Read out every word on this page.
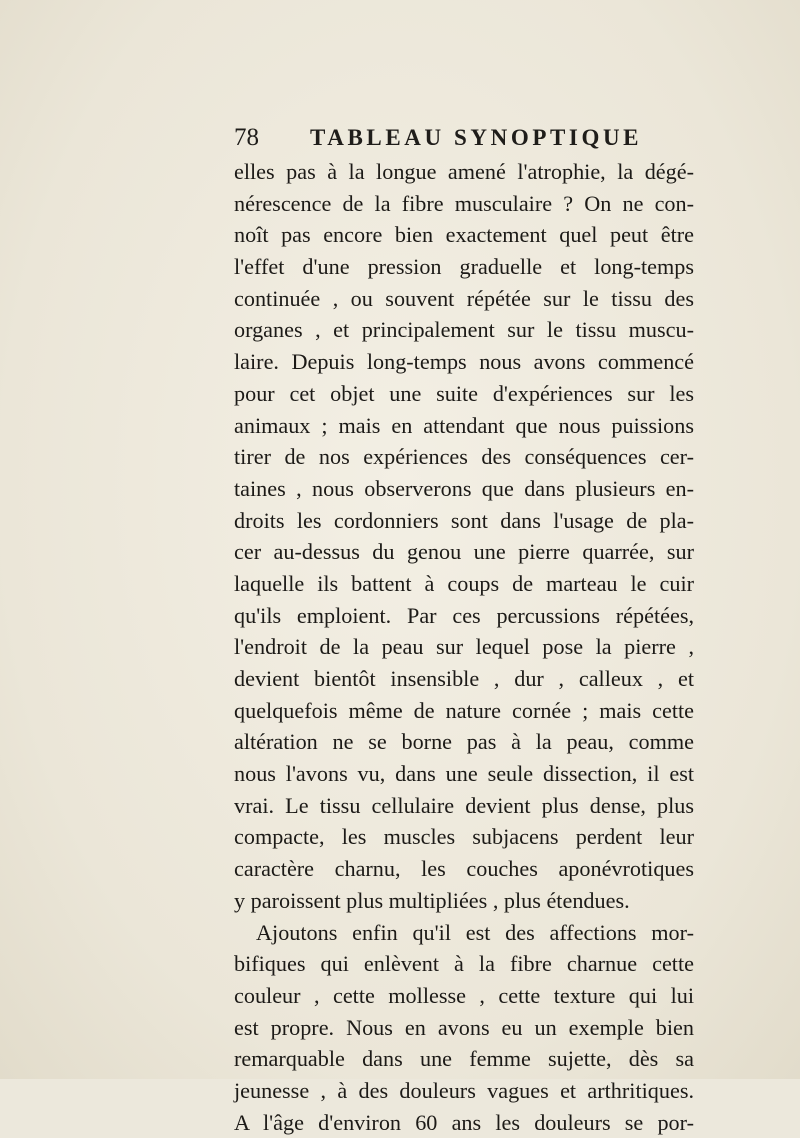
78 TABLEAU SYNOPTIQUE
elles pas à la longue amené l'atrophie, la dégé-
nérescence de la fibre musculaire ? On ne con-
noît pas encore bien exactement quel peut être
l'effet d'une pression graduelle et long-temps
continuée , ou souvent répétée sur le tissu des
organes , et principalement sur le tissu muscu-
laire. Depuis long-temps nous avons commencé
pour cet objet une suite d'expériences sur les
animaux ; mais en attendant que nous puissions
tirer de nos expériences des conséquences cer-
taines , nous observerons que dans plusieurs en-
droits les cordonniers sont dans l'usage de pla-
cer au-dessus du genou une pierre quarrée, sur
laquelle ils battent à coups de marteau le cuir
qu'ils emploient. Par ces percussions répétées,
l'endroit de la peau sur lequel pose la pierre ,
devient bientôt insensible , dur , calleux , et
quelquefois même de nature cornée ; mais cette
altération ne se borne pas à la peau, comme
nous l'avons vu, dans une seule dissection, il est
vrai. Le tissu cellulaire devient plus dense, plus
compacte, les muscles subjacens perdent leur
caractère charnu, les couches aponévrotiques
y paroissent plus multipliées , plus étendues.
Ajoutons enfin qu'il est des affections mor-
bifiques qui enlèvent à la fibre charnue cette
couleur , cette mollesse , cette texture qui lui
est propre. Nous en avons eu un exemple bien
remarquable dans une femme sujette, dès sa
jeunesse , à des douleurs vagues et arthritiques.
A l'âge d'environ 60 ans les douleurs se por-
